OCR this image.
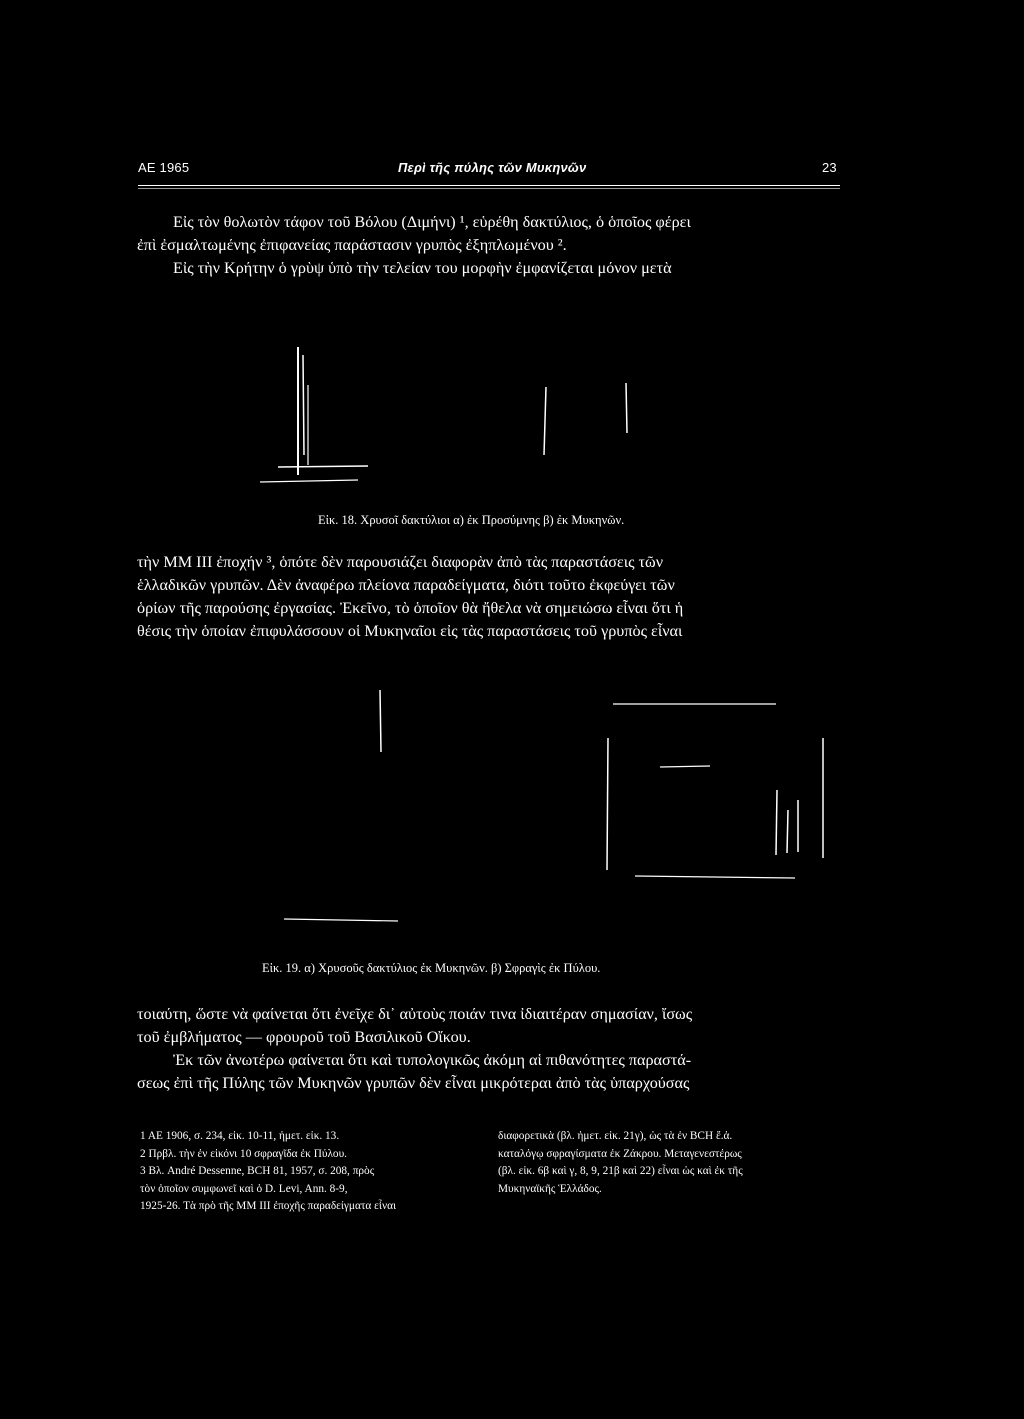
ΑΕ 1965	Περὶ τῆς πύλης τῶν Μυκηνῶν	23

Εἰς τὸν θολωτὸν τάφον τοῦ Βόλου (Διμήνι) ¹, εὑρέθη δακτύλιος, ὁ ὁποῖος φέρει

ἐπὶ ἐσμαλτωμένης ἐπιφανείας παράστασιν γρυπὸς ἐξηπλωμένου ².

Εἰς τὴν Κρήτην ὁ γρὺψ ὑπὸ τὴν τελείαν του μορφὴν ἐμφανίζεται μόνον μετὰ

Εἰκ. 18. Χρυσοῖ δακτύλιοι α) ἐκ Προσύμνης β) ἐκ Μυκηνῶν.

τὴν ΜΜ ΙΙΙ ἐποχήν ³, ὁπότε δὲν παρουσιάζει διαφορὰν ἀπὸ τὰς παραστάσεις τῶν

ἑλλαδικῶν γρυπῶν. Δὲν ἀναφέρω πλείονα παραδείγματα, διότι τοῦτο ἐκφεύγει τῶν

ὁρίων τῆς παρούσης ἐργασίας. Ἐκεῖνο, τὸ ὁποῖον θὰ ἤθελα νὰ σημειώσω εἶναι ὅτι ἡ

θέσις τὴν ὁποίαν ἐπιφυλάσσουν οἱ Μυκηναῖοι εἰς τὰς παραστάσεις τοῦ γρυπὸς εἶναι

Εἰκ. 19. α) Χρυσοῦς δακτύλιος ἐκ Μυκηνῶν. β) Σφραγὶς ἐκ Πύλου.

τοιαύτη, ὥστε νὰ φαίνεται ὅτι ἐνεῖχε δι᾽ αὐτοὺς ποιάν τινα ἰδιαιτέραν σημασίαν, ἴσως

τοῦ ἐμβλήματος — φρουροῦ τοῦ Βασιλικοῦ Οἴκου.

Ἐκ τῶν ἀνωτέρω φαίνεται ὅτι καὶ τυπολογικῶς ἀκόμη αἱ πιθανότητες παραστά-

σεως ἐπὶ τῆς Πύλης τῶν Μυκηνῶν γρυπῶν δὲν εἶναι μικρότεραι ἀπὸ τὰς ὑπαρχούσας

1 ΑΕ 1906, σ. 234, εἰκ. 10-11, ἡμετ. εἰκ. 13.
2 Πρβλ. τὴν ἐν εἰκόνι 10 σφραγῖδα ἐκ Πύλου.
3 Βλ. André Dessenne, BCH 81, 1957, σ. 208, πρὸς
τὸν ὁποῖον συμφωνεῖ καὶ ὁ D. Levi, Ann. 8-9,
1925-26. Τὰ πρὸ τῆς ΜΜ ΙΙΙ ἐποχῆς παραδείγματα εἶναι
διαφορετικὰ (βλ. ἡμετ. εἰκ. 21γ), ὡς τὰ ἐν BCH ἔ.ἀ.
καταλόγῳ σφραγίσματα ἐκ Ζάκρου. Μεταγενεστέρως
(βλ. εἰκ. 6β καὶ γ, 8, 9, 21β καὶ 22) εἶναι ὡς καὶ ἐκ τῆς
Μυκηναϊκῆς Ἑλλάδος.
